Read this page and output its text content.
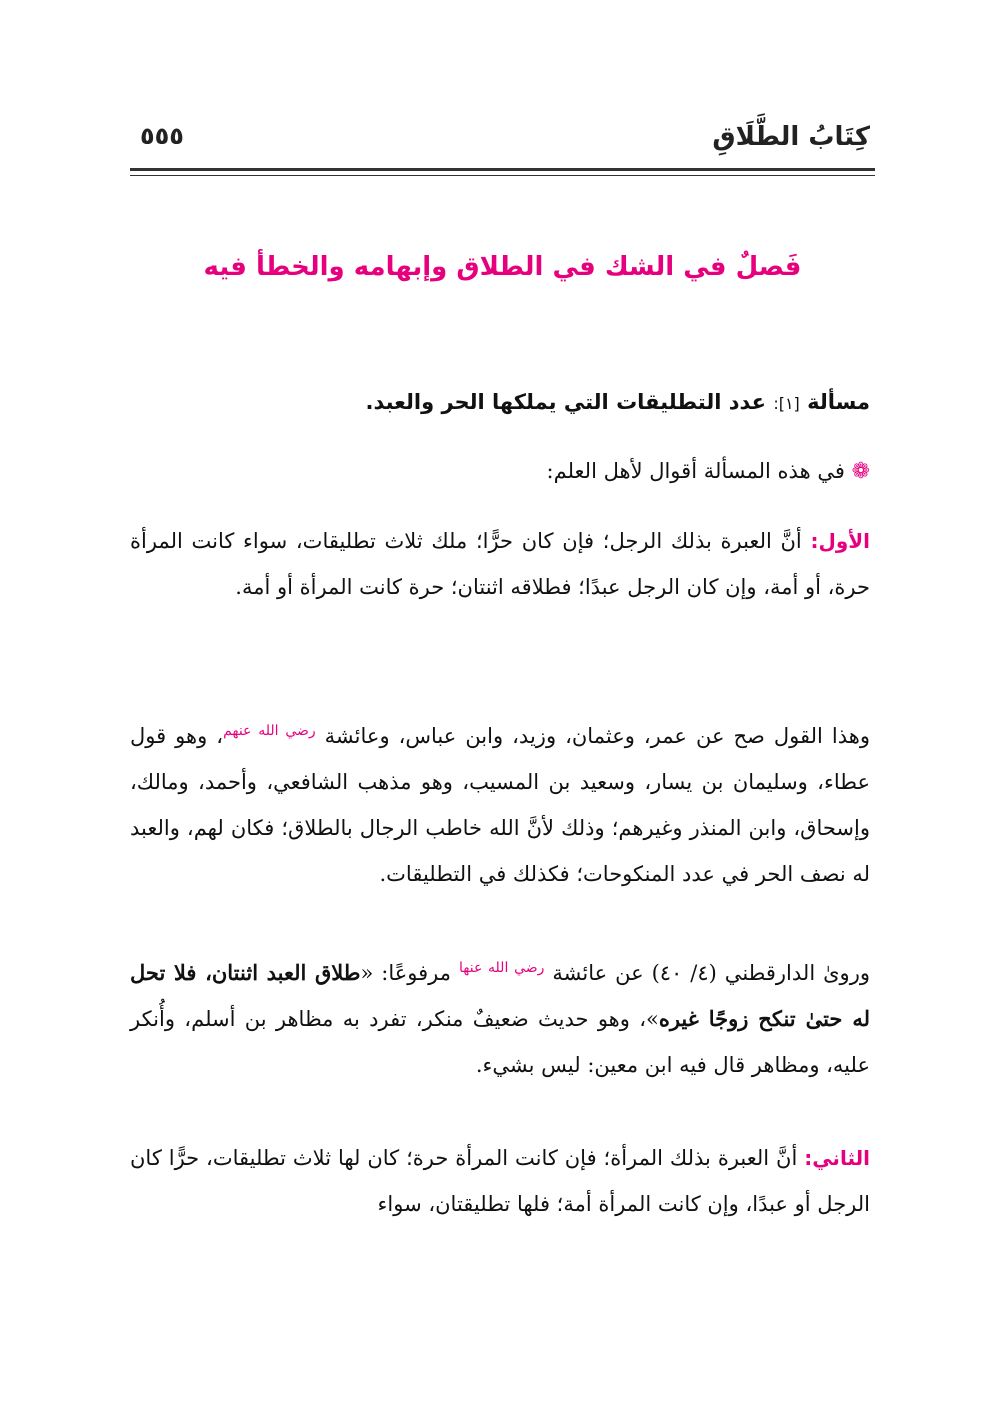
كِتَابُ الطَّلَاقِ
٥٥٥
فَصلٌ في الشك في الطلاق وإبهامه والخطأ فيه
مسألة [١]: عدد التطليقات التي يملكها الحر والعبد.
❁ في هذه المسألة أقوال لأهل العلم:
الأول: أنَّ العبرة بذلك الرجل؛ فإن كان حرًّا؛ ملك ثلاث تطليقات، سواء كانت المرأة حرة، أو أمة، وإن كان الرجل عبدًا؛ فطلاقه اثنتان؛ حرة كانت المرأة أو أمة.
وهذا القول صح عن عمر، وعثمان، وزيد، وابن عباس، وعائشة $^{رضي الله عنهم}$، وهو قول عطاء، وسليمان بن يسار، وسعيد بن المسيب، وهو مذهب الشافعي، وأحمد، ومالك، وإسحاق، وابن المنذر وغيرهم؛ وذلك لأنَّ الله خاطب الرجال بالطلاق؛ فكان لهم، والعبد له نصف الحر في عدد المنكوحات؛ فكذلك في التطليقات.
وروىٰ الدارقطني (٤/ ٤٠) عن عائشة $^{رضي الله عنها}$ مرفوعًا: «طلاق العبد اثنتان، فلا تحل له حتىٰ تنكح زوجًا غيره»، وهو حديث ضعيفٌ منكر، تفرد به مظاهر بن أسلم، وأُنكر عليه، ومظاهر قال فيه ابن معين: ليس بشيء.
الثاني: أنَّ العبرة بذلك المرأة؛ فإن كانت المرأة حرة؛ كان لها ثلاث تطليقات، حرًّا كان الرجل أو عبدًا، وإن كانت المرأة أمة؛ فلها تطليقتان، سواء
